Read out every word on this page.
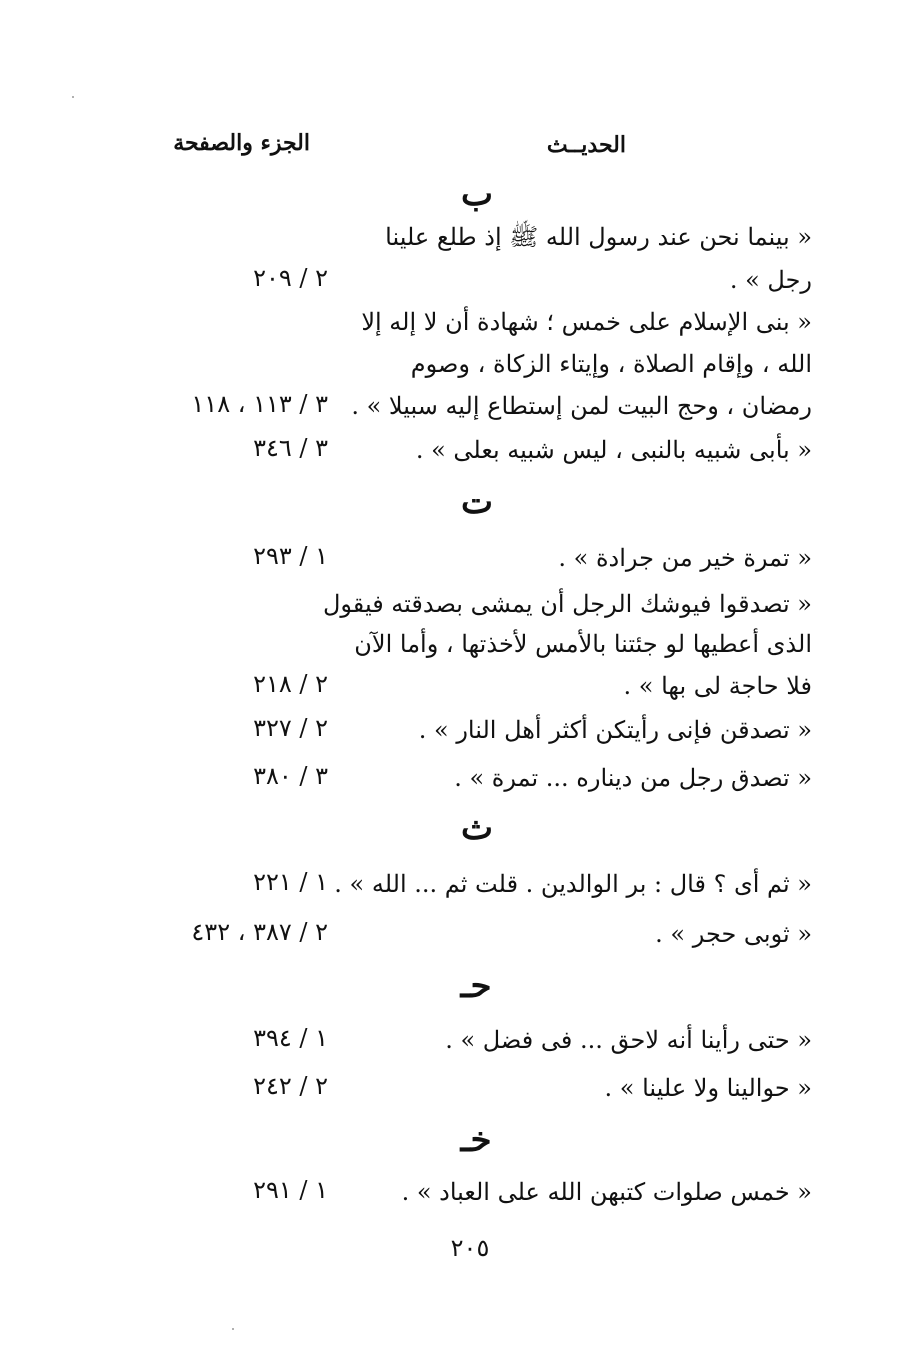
الحديــث
الجزء والصفحة
ب
« بينما نحن عند رسول الله ﷺ إذ طلع علينا
رجل » .
٢ / ٢٠٩
« بنى الإسلام على خمس ؛ شهادة أن لا إله إلا
الله ، وإقام الصلاة ، وإيتاء الزكاة ، وصوم
رمضان ، وحج البيت لمن إستطاع إليه سبيلا » .
٣ / ١١٣ ، ١١٨
« بأبى شبيه بالنبى ، ليس شبيه بعلى » .
٣ / ٣٤٦
ت
« تمرة خير من جرادة » .
١ / ٢٩٣
« تصدقوا فيوشك الرجل أن يمشى بصدقته فيقول
الذى أعطيها لو جئتنا بالأمس لأخذتها ، وأما الآن
فلا حاجة لى بها » .
٢ / ٢١٨
« تصدقن فإنى رأيتكن أكثر أهل النار » .
٢ / ٣٢٧
« تصدق رجل من ديناره ... تمرة » .
٣ / ٣٨٠
ث
« ثم أى ؟ قال : بر الوالدين . قلت ثم ... الله » .
١ / ٢٢١
« ثوبى حجر » .
٢ / ٣٨٧ ، ٤٣٢
حـ
« حتى رأينا أنه لاحق ... فى فضل » .
١ / ٣٩٤
« حوالينا ولا علينا » .
٢ / ٢٤٢
خـ
« خمس صلوات كتبهن الله على العباد » .
١ / ٢٩١
٢٠٥
